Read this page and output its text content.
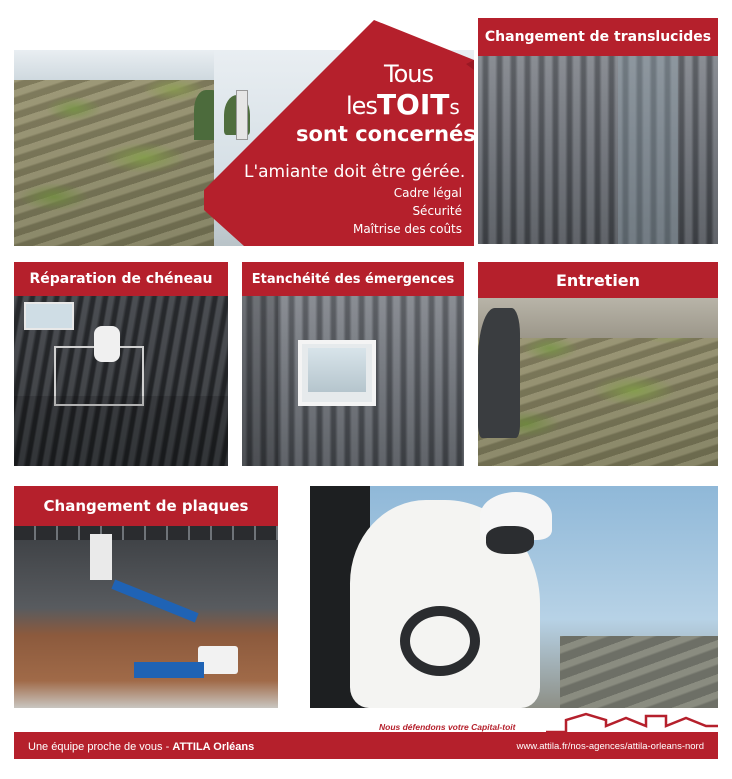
Tous
lesTOITs
sont concernés
L'amiante doit être gérée.
Cadre légal
Sécurité
Maîtrise des coûts
Changement de translucides
Réparation de chéneau	Etanchéité des émergences	Entretien
Changement de plaques
Nous défendons votre Capital-toit
Une équipe proche de vous - ATTILA Orléans	www.attila.fr/nos-agences/attila-orleans-nord
